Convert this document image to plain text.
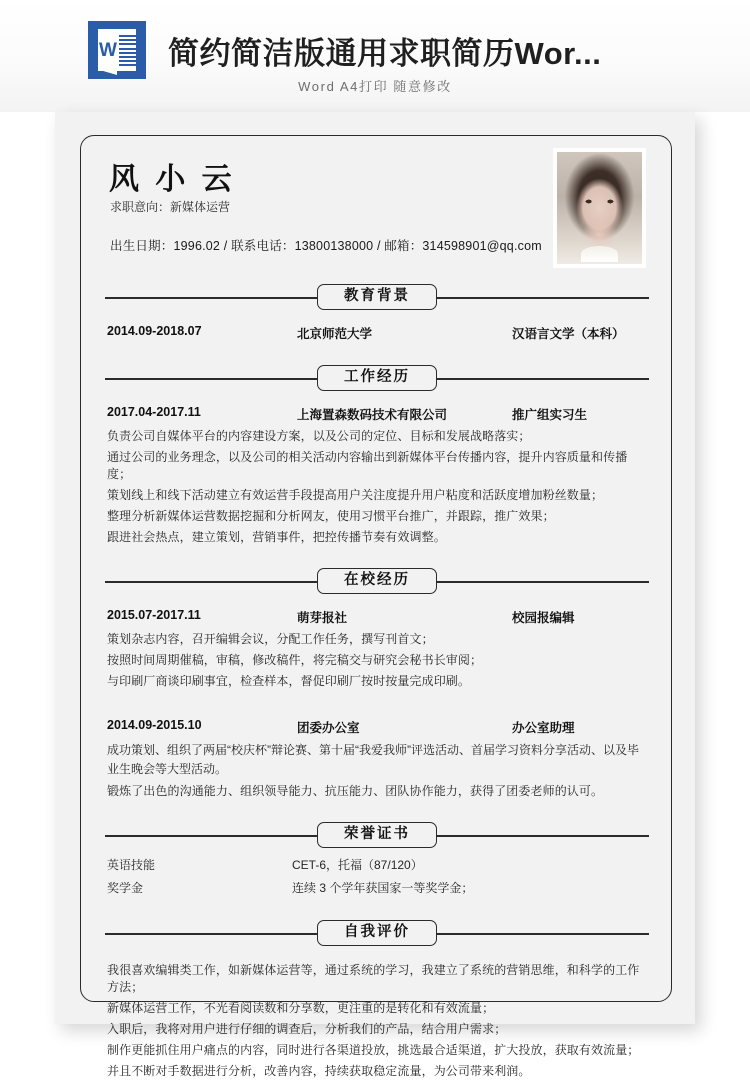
W 简约简洁版通用求职简历Wor...
Word A4打印 随意修改
风 小 云
求职意向：新媒体运营
出生日期：1996.02 / 联系电话：13800138000 / 邮箱：314598901@qq.com
教育背景
2014.09-2018.07	北京师范大学	汉语言文学（本科）
工作经历
2017.04-2017.11	上海置森数码技术有限公司	推广组实习生
负责公司自媒体平台的内容建设方案，以及公司的定位、目标和发展战略落实；
通过公司的业务理念，以及公司的相关活动内容输出到新媒体平台传播内容，提升内容质量和传播度；
策划线上和线下活动建立有效运营手段提高用户关注度提升用户粘度和活跃度增加粉丝数量；
整理分析新媒体运营数据挖掘和分析网友，使用习惯平台推广，并跟踪，推广效果；
跟进社会热点，建立策划，营销事件，把控传播节奏有效调整。
在校经历
2015.07-2017.11	萌芽报社	校园报编辑
策划杂志内容，召开编辑会议，分配工作任务，撰写刊首文；
按照时间周期催稿，审稿，修改稿件，将完稿交与研究会秘书长审阅；
与印刷厂商谈印刷事宜，检查样本，督促印刷厂按时按量完成印刷。
2014.09-2015.10	团委办公室	办公室助理
成功策划、组织了两届“校庆杯”辩论赛、第十届“我爱我师”评选活动、首届学习资料分享活动、以及毕业生晚会等大型活动。
锻炼了出色的沟通能力、组织领导能力、抗压能力、团队协作能力，获得了团委老师的认可。
荣誉证书
英语技能	CET-6，托福（87/120）
奖学金	连续 3 个学年获国家一等奖学金；
自我评价
我很喜欢编辑类工作，如新媒体运营等，通过系统的学习，我建立了系统的营销思维，和科学的工作方法；
新媒体运营工作，不光看阅读数和分享数，更注重的是转化和有效流量；
入职后，我将对用户进行仔细的调查后，分析我们的产品，结合用户需求；
制作更能抓住用户痛点的内容，同时进行各渠道投放，挑选最合适渠道，扩大投放，获取有效流量；
并且不断对手数据进行分析，改善内容，持续获取稳定流量，为公司带来利润。
